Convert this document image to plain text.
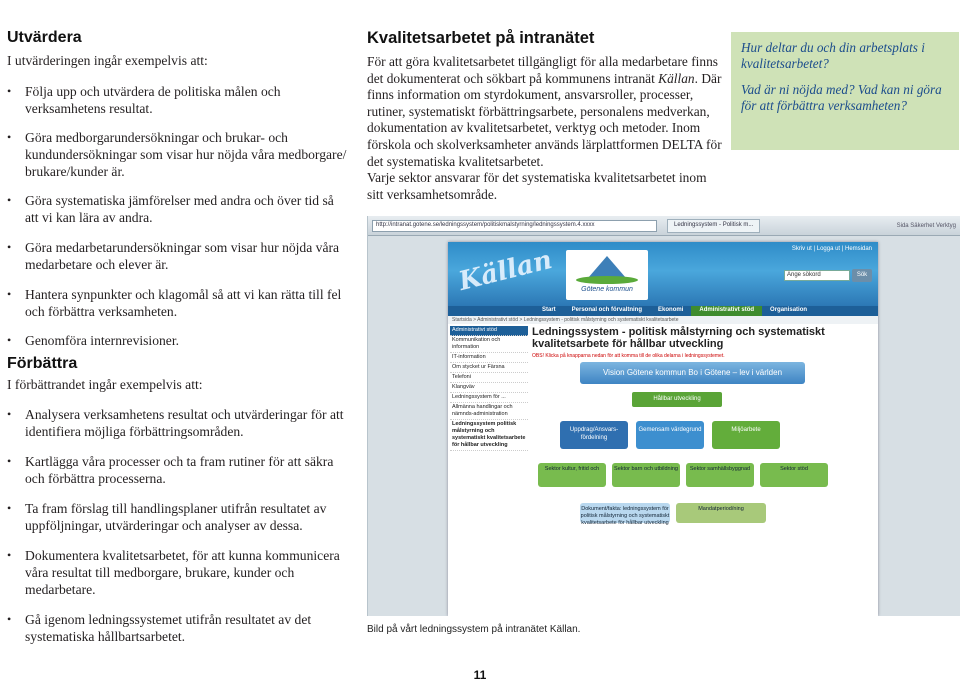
Utvärdera
I utvärderingen ingår exempelvis att:
• Följa upp och utvärdera de politiska målen och verksamhetens resultat.
• Göra medborgarundersökningar och brukar- och kundundersökningar som visar hur nöjda våra medborgare/ brukare/kunder är.
• Göra systematiska jämförelser med andra och över tid så att vi kan lära av andra.
• Göra medarbetarundersökningar som visar hur nöjda våra medarbetare och elever är.
• Hantera synpunkter och klagomål så att vi kan rätta till fel och förbättra verksamheten.
• Genomföra internrevisioner.
Förbättra
I förbättrandet ingår exempelvis att:
• Analysera verksamhetens resultat och utvärderingar för att identifiera möjliga förbättringsområden.
• Kartlägga våra processer och ta fram rutiner för att säkra och förbättra processerna.
• Ta fram förslag till handlingsplaner utifrån resultatet av uppföljningar, utvärderingar och analyser av dessa.
• Dokumentera kvalitetsarbetet, för att kunna kommunicera våra resultat till medborgare, brukare, kunder och medarbetare.
• Gå igenom ledningssystemet utifrån resultatet av det systematiska hållbartsarbetet.
Kvalitetsarbetet på intranätet

För att göra kvalitetsarbetet tillgängligt för alla medarbetare finns det dokumenterat och sökbart på kommunens intranät Källan. Där finns information om styrdokument, ansvarsroller, processer, rutiner, systematiskt förbättringsarbete, personalens medverkan, dokumentation av kvalitetsarbetet, verktyg och metoder. Inom förskola och skolverksamheter används lärplattformen DELTA för det systematiska kvalitetsarbetet.

Varje sektor ansvarar för det systematiska kvalitetsarbetet inom sitt verksamhetsområde.

Hur deltar du och din arbetsplats i kvalitetsarbetet?

Vad är ni nöjda med? Vad kan ni göra för att förbättra verksamheten?

http://intranat.gotene.se/ledningssystem/politiskmalstyrning/ledningssystem.4.xxxx	Ledningssystem - Politisk m...	Sida Säkerhet Verktyg
Källan	Götene kommun
Skriv ut | Logga ut | Hemsidan
Ange sökord	Sök
Start	Personal och förvaltning	Ekonomi	Administrativt stöd	Organisation
Startsida > Administrativt stöd > Ledningssystem - politisk målstyrning och systematiskt kvalitetsarbete
Administrativt stöd
Kommunikation och information
IT-information
Om stycket ur Färsna
Telefoni
Klangväv
Ledningssystem för ...
Allmänna handlingar och nämnds-administration
Ledningssystem politisk målstyrning och systematiskt kvalitetsarbete för hållbar utveckling
Ledningssystem - politisk målstyrning och systematiskt kvalitetsarbete för hållbar utveckling
OBS! Klicka på knapparna nedan för att komma till de olika delarna i ledningssystemet.
Vision Götene kommun Bo i Götene – lev i världen
Hållbar utveckling
Uppdrag/Ansvars-fördelning
Gemensam värdegrund	Miljöarbete
Sektor kultur, fritid och	Sektor barn och utbildning	Sektor samhällsbyggnad	Sektor stöd
Dokument/fakta: ledningssystem för politisk målstyrning och systematiskt kvalitetsarbete för hållbar utveckling
Mandatperiod/ning
Bild på vårt ledningssystem på intranätet Källan.
11
